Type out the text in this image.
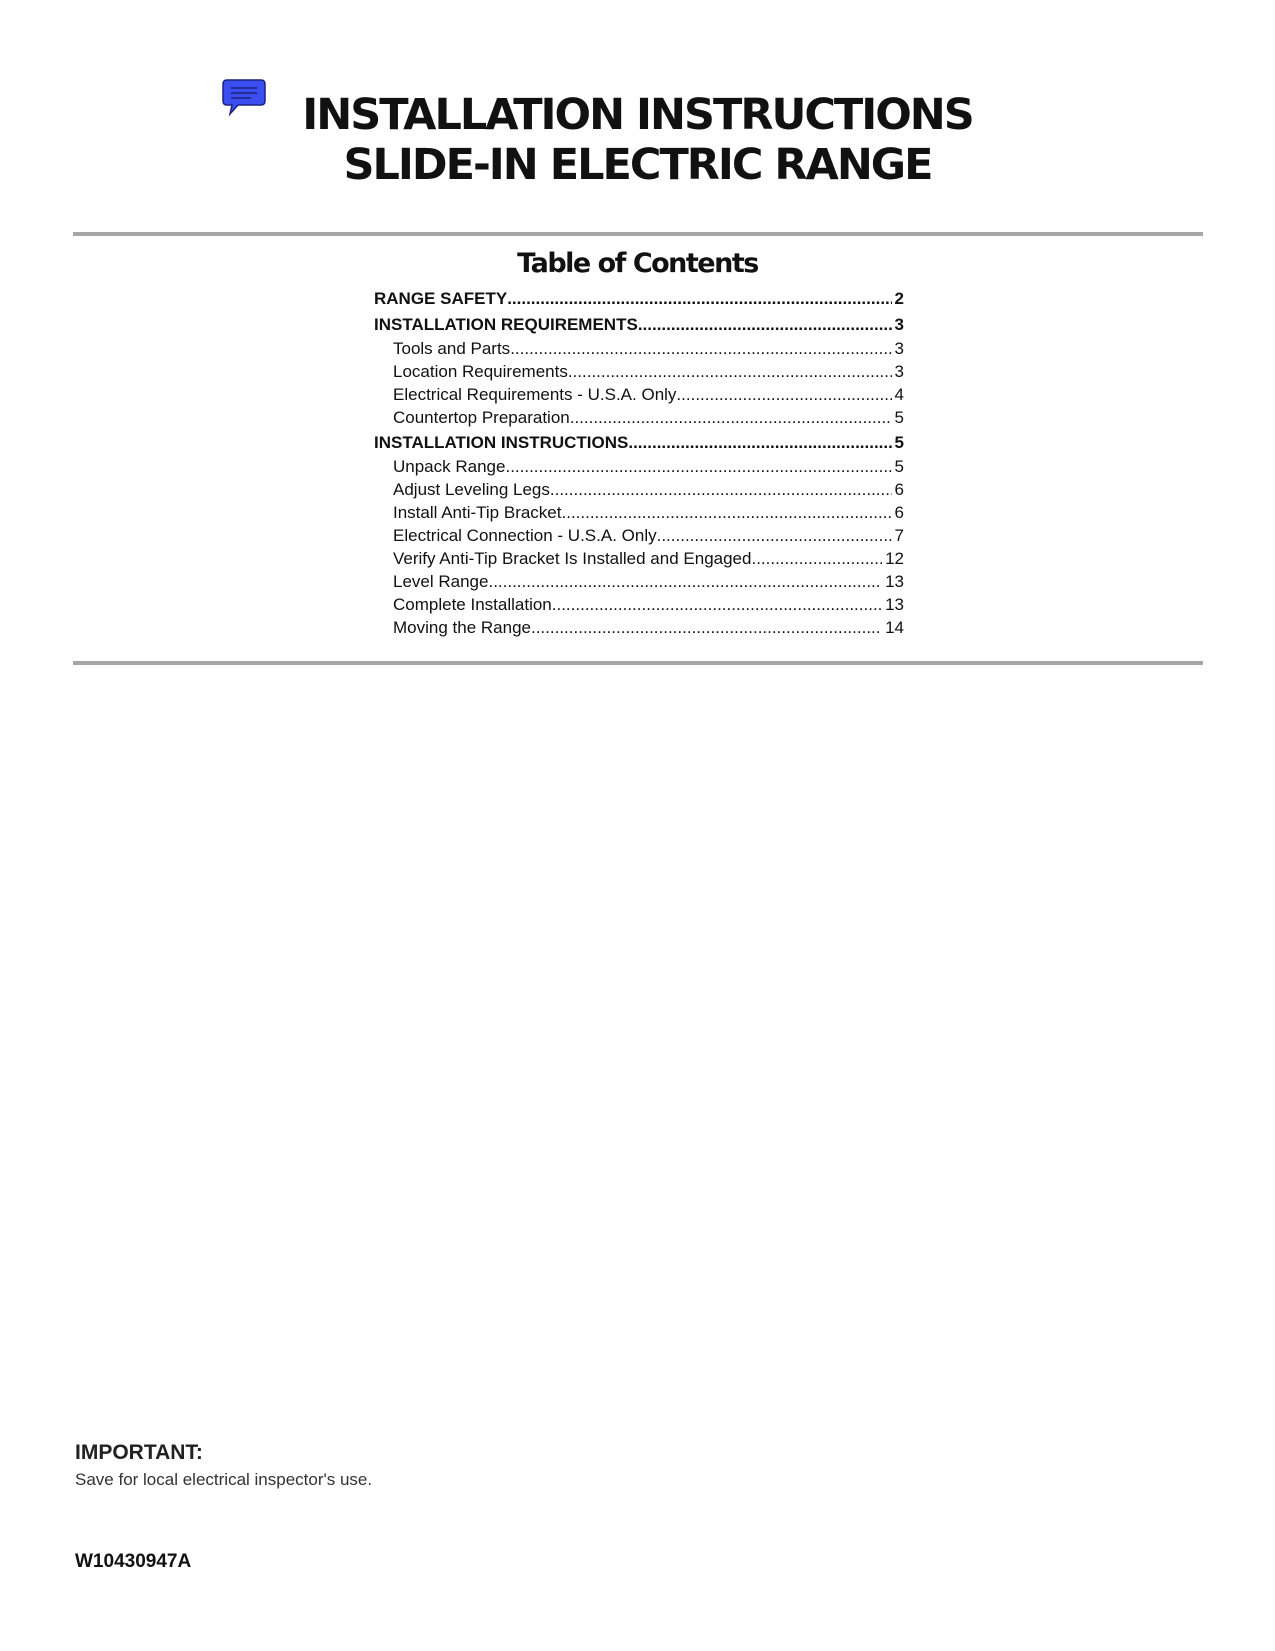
INSTALLATION INSTRUCTIONS
SLIDE-IN ELECTRIC RANGE
Table of Contents
RANGE SAFETY .....	2
INSTALLATION REQUIREMENTS .....	3
Tools and Parts .....	3
Location Requirements .....	3
Electrical Requirements - U.S.A. Only .....	4
Countertop Preparation .....	5
INSTALLATION INSTRUCTIONS .....	5
Unpack Range .....	5
Adjust Leveling Legs .....	6
Install Anti-Tip Bracket .....	6
Electrical Connection - U.S.A. Only .....	7
Verify Anti-Tip Bracket Is Installed and Engaged .....	12
Level Range .....	13
Complete Installation .....	13
Moving the Range .....	14
IMPORTANT:
Save for local electrical inspector's use.
W10430947A
